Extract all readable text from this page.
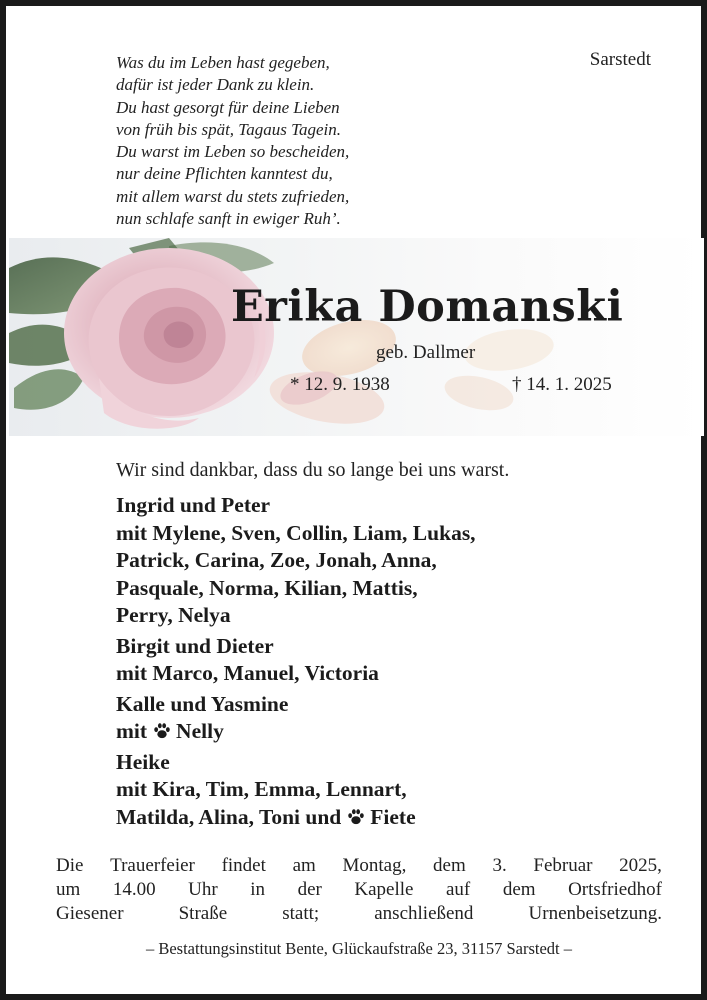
Was du im Leben hast gegeben,
dafür ist jeder Dank zu klein.
Du hast gesorgt für deine Lieben
von früh bis spät, Tagaus Tagein.
Du warst im Leben so bescheiden,
nur deine Pflichten kanntest du,
mit allem warst du stets zufrieden,
nun schlafe sanft in ewiger Ruh’.
Sarstedt
Erika Domanski
geb. Dallmer
* 12. 9. 1938	† 14. 1. 2025
Wir sind dankbar, dass du so lange bei uns warst.
Ingrid und Peter
mit Mylene, Sven, Collin, Liam, Lukas,
Patrick, Carina, Zoe, Jonah, Anna,
Pasquale, Norma, Kilian, Mattis,
Perry, Nelya
Birgit und Dieter
mit Marco, Manuel, Victoria
Kalle und Yasmine
mit Nelly
Heike
mit Kira, Tim, Emma, Lennart,
Matilda, Alina, Toni und Fiete
Die Trauerfeier findet am Montag, dem 3. Februar 2025,
um 14.00 Uhr in der Kapelle auf dem Ortsfriedhof
Giesener Straße statt; anschließend Urnenbeisetzung.
– Bestattungsinstitut Bente, Glückaufstraße 23, 31157 Sarstedt –
